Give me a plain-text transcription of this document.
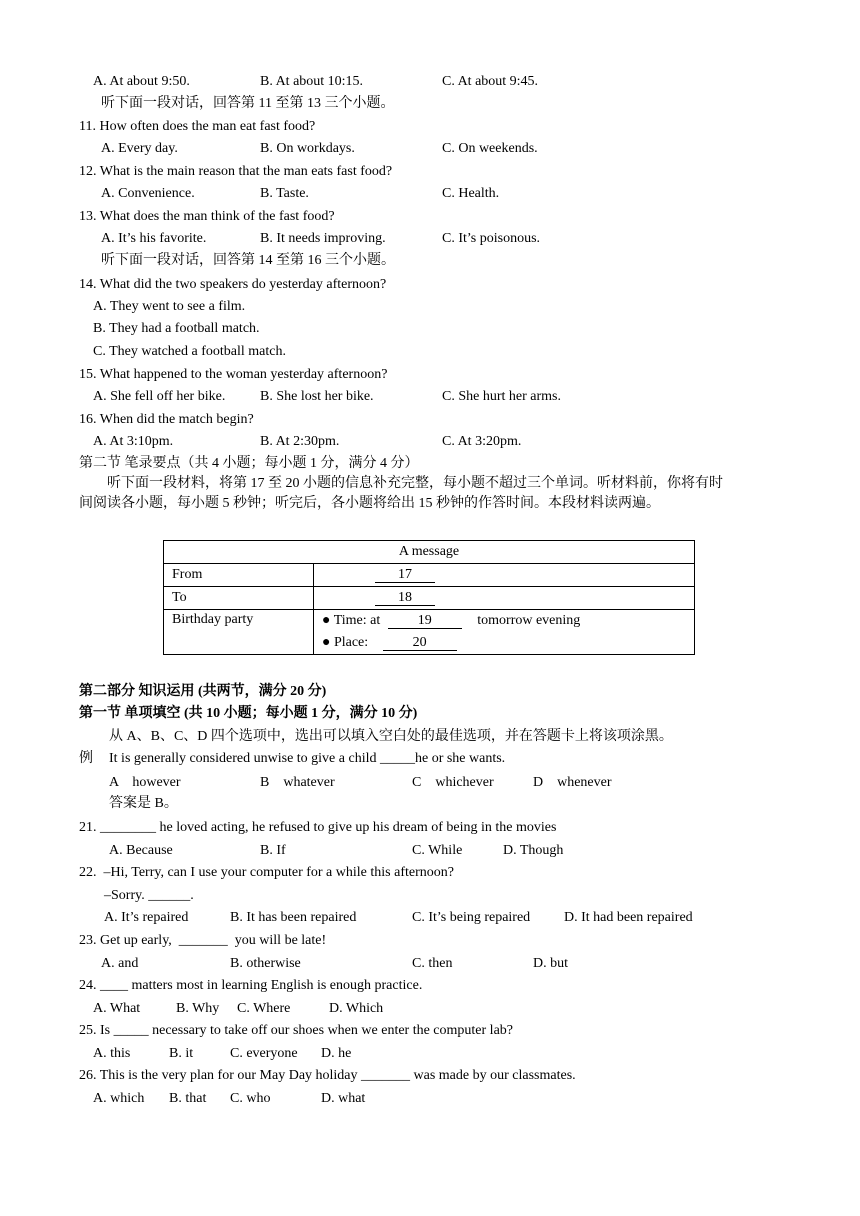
A. At about 9:50.	B. At about 10:15.	C. At about 9:45.
听下面一段对话，回答第 11 至第 13 三个小题。
11. How often does the man eat fast food?
A. Every day.	B. On workdays.	C. On weekends.
12. What is the main reason that the man eats fast food?
A. Convenience.	B. Taste.	C. Health.
13. What does the man think of the fast food?
A. It’s his favorite.	B. It needs improving.	C. It’s poisonous.
听下面一段对话，回答第 14 至第 16 三个小题。
14. What did the two speakers do yesterday afternoon?
A. They went to see a film.
B. They had a football match.
C. They watched a football match.
15. What happened to the woman yesterday afternoon?
A. She fell off her bike. B. She lost her bike.	C. She hurt her arms.
16. When did the match begin?
A. At 3:10pm.	B. At 2:30pm.	C. At 3:20pm.
第二节 笔录要点（共 4 小题；每小题 1 分，满分 4 分）
听下面一段材料，将第 17 至 20 小题的信息补充完整，每小题不超过三个单词。听材料前，你将有时
间阅读各小题，每小题 5 秒钟；听完后，各小题将给出 15 秒钟的作答时间。本段材料读两遍。
A message	
From	17
To	18
Birthday party	● Time: at 19 tomorrow evening
	● Place: 20
第二部分 知识运用 (共两节，满分 20 分)
第一节 单项填空 (共 10 小题；每小题 1 分，满分 10 分)
从 A、B、C、D 四个选项中，选出可以填入空白处的最佳选项，并在答题卡上将该项涂黑。
例 It is generally considered unwise to give a child _____he or she wants.
A    however	B    whatever	C    whichever	D    whenever
答案是 B。
21. ________ he loved acting, he refused to give up his dream of being in the movies
A. Because	B. If	C. While	D. Though
22.  –Hi, Terry, can I use your computer for a while this afternoon?
–Sorry. ______.
A. It’s repaired	B. It has been repaired	C. It’s being repaired D. It had been repaired
23. Get up early,  _______  you will be late!
A. and	B. otherwise	C. then	D. but
24. ____ matters most in learning English is enough practice.
A. What	B. Why C. Where	D. Which
25. Is _____ necessary to take off our shoes when we enter the computer lab?
A. this	B. it	C. everyone D. he
26. This is the very plan for our May Day holiday _______ was made by our classmates.
A. which B. that C. who	D. what
